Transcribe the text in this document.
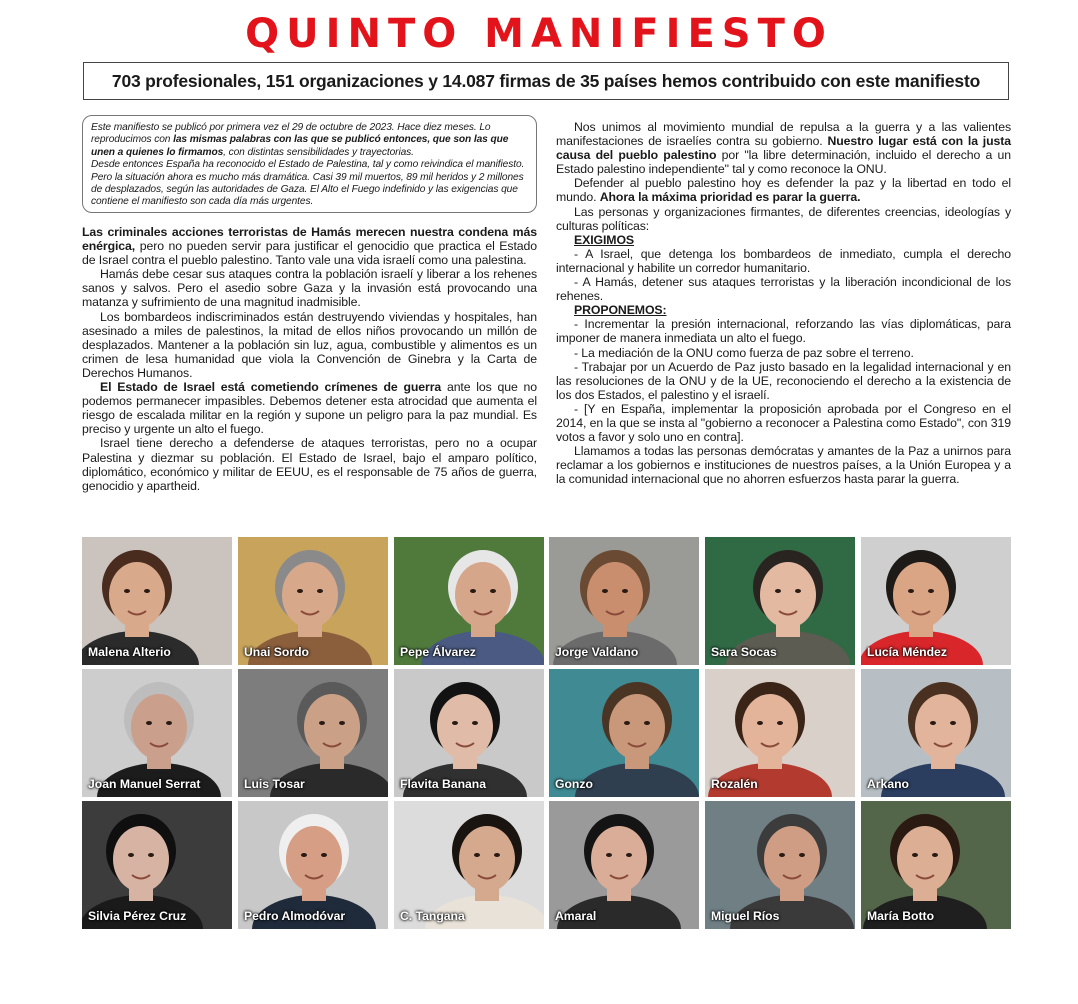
QUINTO MANIFIESTO
703 profesionales, 151 organizaciones y 14.087 firmas de 35 países hemos contribuido con este manifiesto

Este manifiesto se publicó por primera vez el 29 de octubre de 2023. Hace diez meses. Lo reproducimos con las mismas palabras con las que se publicó entonces, que son las que unen a quienes lo firmamos, con distintas sensibilidades y trayectorias.

Desde entonces España ha reconocido el Estado de Palestina, tal y como reivindica el manifiesto. Pero la situación ahora es mucho más dramática. Casi 39 mil muertos, 89 mil heridos y 2 millones de desplazados, según las autoridades de Gaza. El Alto el Fuego indefinido y las exigencias que contiene el manifiesto son cada día más urgentes.

Las criminales acciones terroristas de Hamás merecen nuestra condena más enérgica, pero no pueden servir para justificar el genocidio que practica el Estado de Israel contra el pueblo palestino. Tanto vale una vida israelí como una palestina.

Hamás debe cesar sus ataques contra la población israelí y liberar a los rehenes sanos y salvos. Pero el asedio sobre Gaza y la invasión está provocando una matanza y sufrimiento de una magnitud inadmisible.

Los bombardeos indiscriminados están destruyendo viviendas y hospitales, han asesinado a miles de palestinos, la mitad de ellos niños provocando un millón de desplazados. Mantener a la población sin luz, agua, combustible y alimentos es un crimen de lesa humanidad que viola la Convención de Ginebra y la Carta de Derechos Humanos.

El Estado de Israel está cometiendo crímenes de guerra ante los que no podemos permanecer impasibles. Debemos detener esta atrocidad que aumenta el riesgo de escalada militar en la región y supone un peligro para la paz mundial. Es preciso y urgente un alto el fuego.

Israel tiene derecho a defenderse de ataques terroristas, pero no a ocupar Palestina y diezmar su población. El Estado de Israel, bajo el amparo político, diplomático, económico y militar de EEUU, es el responsable de 75 años de guerra, genocidio y apartheid.

Nos unimos al movimiento mundial de repulsa a la guerra y a las valientes manifestaciones de israelíes contra su gobierno. Nuestro lugar está con la justa causa del pueblo palestino por "la libre determinación, incluido el derecho a un Estado palestino independiente" tal y como reconoce la ONU.

Defender al pueblo palestino hoy es defender la paz y la libertad en todo el mundo. Ahora la máxima prioridad es parar la guerra.

Las personas y organizaciones firmantes, de diferentes creencias, ideologías y culturas políticas:

EXIGIMOS

- A Israel, que detenga los bombardeos de inmediato, cumpla el derecho internacional y habilite un corredor humanitario.

- A Hamás, detener sus ataques terroristas y la liberación incondicional de los rehenes.

PROPONEMOS:

- Incrementar la presión internacional, reforzando las vías diplomáticas, para imponer de manera inmediata un alto el fuego.

- La mediación de la ONU como fuerza de paz sobre el terreno.

- Trabajar por un Acuerdo de Paz justo basado en la legalidad internacional y en las resoluciones de la ONU y de la UE, reconociendo el derecho a la existencia de los dos Estados, el palestino y el israelí.

- [Y en España, implementar la proposición aprobada por el Congreso en el 2014, en la que se insta al "gobierno a reconocer a Palestina como Estado", con 319 votos a favor y solo uno en contra].

Llamamos a todas las personas demócratas y amantes de la Paz a unirnos para reclamar a los gobiernos e instituciones de nuestros países, a la Unión Europea y a la comunidad internacional que no ahorren esfuerzos hasta parar la guerra.

Malena Alterio	Unai Sordo	Pepe Álvarez	Jorge Valdano	Sara Socas	Lucía Méndez
Joan Manuel Serrat	Luis Tosar	Flavita Banana	Gonzo	Rozalén	Arkano
Silvia Pérez Cruz	Pedro Almodóvar	C. Tangana	Amaral	Miguel Ríos	María Botto
